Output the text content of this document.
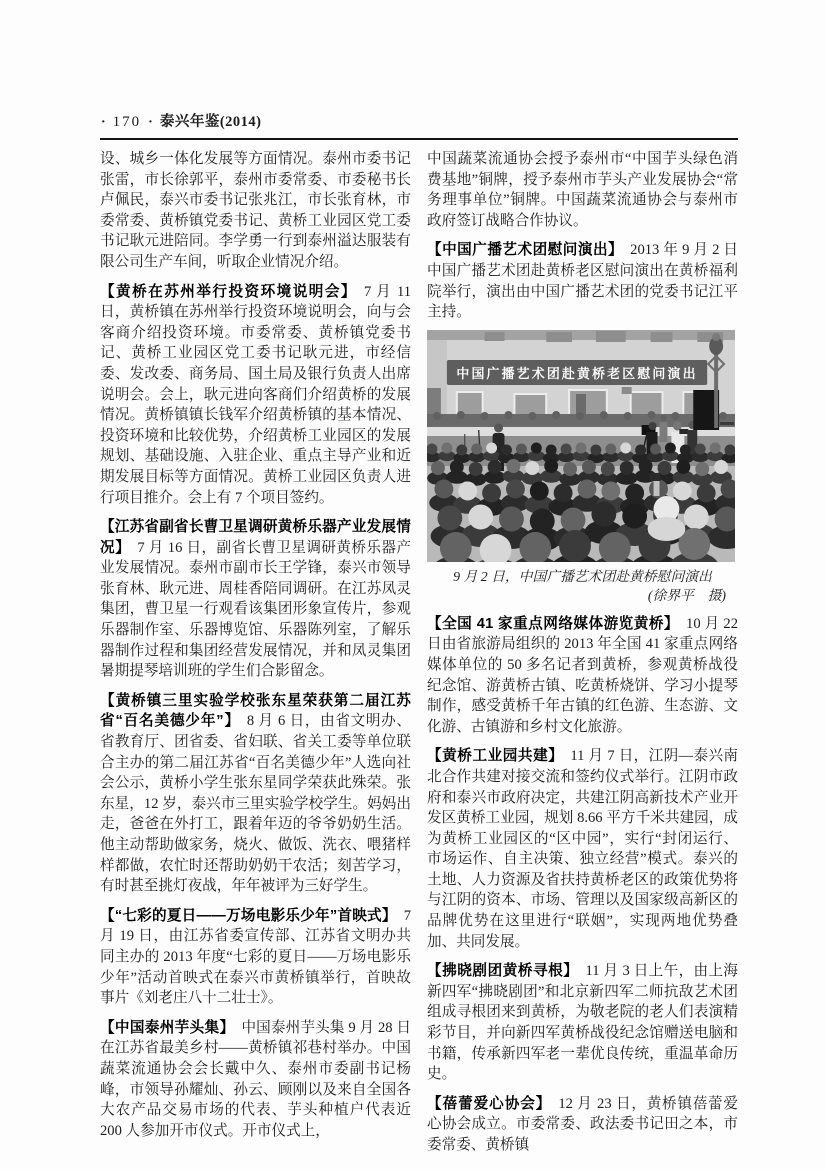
· 170 · 泰兴年鉴(2014)

设、城乡一体化发展等方面情况。泰州市委书记张雷，市长徐郭平，泰州市委常委、市委秘书长卢佩民，泰兴市委书记张兆江，市长张育林，市委常委、黄桥镇党委书记、黄桥工业园区党工委书记耿元进陪同。李学勇一行到泰州溢达服装有限公司生产车间，听取企业情况介绍。

【黄桥在苏州举行投资环境说明会】 7 月 11 日，黄桥镇在苏州举行投资环境说明会，向与会客商介绍投资环境。市委常委、黄桥镇党委书记、黄桥工业园区党工委书记耿元进，市经信委、发改委、商务局、国土局及银行负责人出席说明会。会上，耿元进向客商们介绍黄桥的发展情况。黄桥镇镇长钱军介绍黄桥镇的基本情况、投资环境和比较优势，介绍黄桥工业园区的发展规划、基础设施、入驻企业、重点主导产业和近期发展目标等方面情况。黄桥工业园区负责人进行项目推介。会上有 7 个项目签约。

【江苏省副省长曹卫星调研黄桥乐器产业发展情况】 7 月 16 日，副省长曹卫星调研黄桥乐器产业发展情况。泰州市副市长王学锋，泰兴市领导张育林、耿元进、周桂香陪同调研。在江苏凤灵集团，曹卫星一行观看该集团形象宣传片，参观乐器制作室、乐器博览馆、乐器陈列室，了解乐器制作过程和集团经营发展情况，并和凤灵集团暑期提琴培训班的学生们合影留念。

【黄桥镇三里实验学校张东星荣获第二届江苏省“百名美德少年”】 8 月 6 日，由省文明办、省教育厅、团省委、省妇联、省关工委等单位联合主办的第二届江苏省“百名美德少年”人选向社会公示，黄桥小学生张东星同学荣获此殊荣。张东星，12 岁，泰兴市三里实验学校学生。妈妈出走，爸爸在外打工，跟着年迈的爷爷奶奶生活。他主动帮助做家务，烧火、做饭、洗衣、喂猪样样都做，农忙时还帮助奶奶干农活；刻苦学习，有时甚至挑灯夜战，年年被评为三好学生。

【“七彩的夏日——万场电影乐少年”首映式】 7 月 19 日，由江苏省委宣传部、江苏省文明办共同主办的 2013 年度“七彩的夏日——万场电影乐少年”活动首映式在泰兴市黄桥镇举行，首映故事片《刘老庄八十二壮士》。

【中国泰州芋头集】 中国泰州芋头集 9 月 28 日在江苏省最美乡村——黄桥镇祁巷村举办。中国蔬菜流通协会会长戴中久、泰州市委副书记杨峰，市领导孙耀灿、孙云、顾刚以及来自全国各大农产品交易市场的代表、芋头种植户代表近 200 人参加开市仪式。开市仪式上，

中国蔬菜流通协会授予泰州市“中国芋头绿色消费基地”铜牌，授予泰州市芋头产业发展协会“常务理事单位”铜牌。中国蔬菜流通协会与泰州市政府签订战略合作协议。

【中国广播艺术团慰问演出】 2013 年 9 月 2 日中国广播艺术团赴黄桥老区慰问演出在黄桥福利院举行，演出由中国广播艺术团的党委书记江平主持。

中国广播艺术团赴黄桥老区慰问演出
9 月 2 日，中国广播艺术团赴黄桥慰问演出
(徐界平　摄)

【全国 41 家重点网络媒体游览黄桥】 10 月 22 日由省旅游局组织的 2013 年全国 41 家重点网络媒体单位的 50 多名记者到黄桥，参观黄桥战役纪念馆、游黄桥古镇、吃黄桥烧饼、学习小提琴制作，感受黄桥千年古镇的红色游、生态游、文化游、古镇游和乡村文化旅游。

【黄桥工业园共建】 11 月 7 日，江阴—泰兴南北合作共建对接交流和签约仪式举行。江阴市政府和泰兴市政府决定，共建江阴高新技术产业开发区黄桥工业园，规划 8.66 平方千米共建园，成为黄桥工业园区的“区中园”，实行“封闭运行、市场运作、自主决策、独立经营”模式。泰兴的土地、人力资源及省扶持黄桥老区的政策优势将与江阴的资本、市场、管理以及国家级高新区的品牌优势在这里进行“联姻”，实现两地优势叠加、共同发展。

【拂晓剧团黄桥寻根】 11 月 3 日上午，由上海新四军“拂晓剧团”和北京新四军二师抗敌艺术团组成寻根团来到黄桥，为敬老院的老人们表演精彩节目，并向新四军黄桥战役纪念馆赠送电脑和书籍，传承新四军老一辈优良传统，重温革命历史。

【蓓蕾爱心协会】 12 月 23 日，黄桥镇蓓蕾爱心协会成立。市委常委、政法委书记田之本，市委常委、黄桥镇
